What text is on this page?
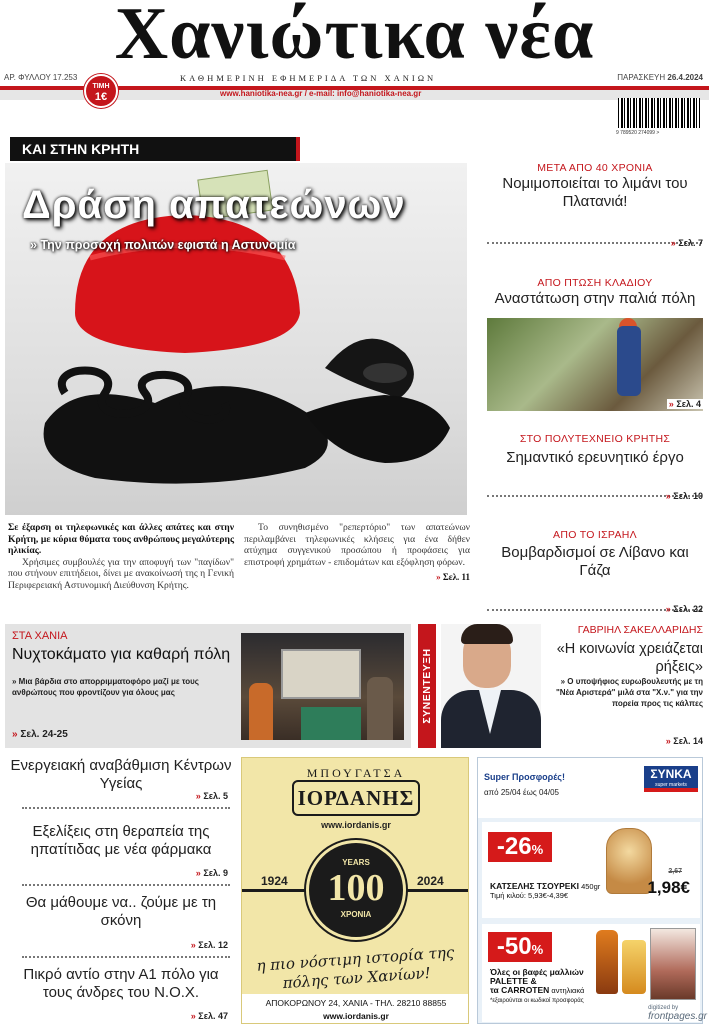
Χανιώτικα νέα
ΑΡ. ΦΥΛΛΟΥ 17.253	ΚΑΘΗΜΕΡΙΝΗ ΕΦΗΜΕΡΙΔΑ ΤΩΝ ΧΑΝΙΩΝ	ΠΑΡΑΣΚΕΥΗ 26.4.2024
www.haniotika-nea.gr / e-mail: info@haniotika-nea.gr
ΤΙΜΗ
1€
9 789520 274099 >
ΚΑΙ ΣΤΗΝ ΚΡΗΤΗ
Δράση απατεώνων
» Την προσοχή πολιτών εφιστά η Αστυνομία

Σε έξαρση οι τηλεφωνικές και άλλες απάτες και στην Κρήτη, με κύρια θύματα τους ανθρώπους μεγαλύτερης ηλικίας.

Χρήσιμες συμβουλές για την αποφυγή των "παγίδων" που στήνουν επιτήδειοι, δίνει με ανακοίνωσή της η Γενική Περιφερειακή Αστυνομική Διεύθυνση Κρήτης.

Το συνηθισμένο "ρεπερτόριο" των απατεώνων περιλαμβάνει τηλεφωνικές κλήσεις για ένα δήθεν ατύχημα συγγενικού προσώπου ή προφάσεις για επιστροφή χρημάτων - επιδομάτων και εξόφληση φόρων.

» Σελ. 11

ΜΕΤΑ ΑΠΟ 40 ΧΡΟΝΙΑ
Νομιμοποιείται το λιμάνι του Πλατανιά!
» Σελ. 7
ΑΠΟ ΠΤΩΣΗ ΚΛΑΔΙΟΥ
Αναστάτωση στην παλιά πόλη
» Σελ. 4
ΣΤΟ ΠΟΛΥΤΕΧΝΕΙΟ ΚΡΗΤΗΣ
Σημαντικό ερευνητικό έργο
» Σελ. 10
ΑΠΟ ΤΟ ΙΣΡΑΗΛ
Βομβαρδισμοί σε Λίβανο και Γάζα
» Σελ. 22
ΣΤΑ ΧΑΝΙΑ
Νυχτοκάματο για καθαρή πόλη
» Μια βάρδια στο απορριμματοφόρο μαζί με τους ανθρώπους που φροντίζουν για όλους μας
» Σελ. 24-25
ΣΥΝΕΝΤΕΥΞΗ
ΓΑΒΡΙΗΛ ΣΑΚΕΛΛΑΡΙΔΗΣ
«Η κοινωνία χρειάζεται ρήξεις»
» Ο υποψήφιος ευρωβουλευτής με τη "Νέα Αριστερά" μιλά στα "Χ.ν." για την πορεία προς τις κάλπες
» Σελ. 14
Ενεργειακή αναβάθμιση Κέντρων Υγείας
» Σελ. 5
Εξελίξεις στη θεραπεία της ηπατίτιδας με νέα φάρμακα
» Σελ. 9
Θα μάθουμε να.. ζούμε με τη σκόνη
» Σελ. 12
Πικρό αντίο στην Α1 πόλο για τους άνδρες του Ν.Ο.Χ.
» Σελ. 47
ΜΠΟΥΓΑΤΣΑ
ΙΟΡΔΑΝΗΣ
www.iordanis.gr
1924	2024
YEARS
100
ΧΡΟΝΙΑ
η πιο νόστιμη ιστορία της πόλης των Χανίων!
ΑΠΟΚΟΡΩΝΟΥ 24, ΧΑΝΙΑ - ΤΗΛ. 28210 88855
www.iordanis.gr
Super Προσφορές!
από 25/04 έως 04/05
ΣΥΝΚΑ
super markets
-26%
ΚΑΤΣΕΛΗΣ ΤΣΟΥΡΕΚΙ 450gr
Τιμή κιλού: 5,93€-4,39€
2,67
1,98€
-50%
Όλες οι βαφές μαλλιών
PALETTE &
τα CARROTEN αντηλιακά
*εξαιρούνται οι κωδικοί προσφοράς
digitized by
frontpages.gr
